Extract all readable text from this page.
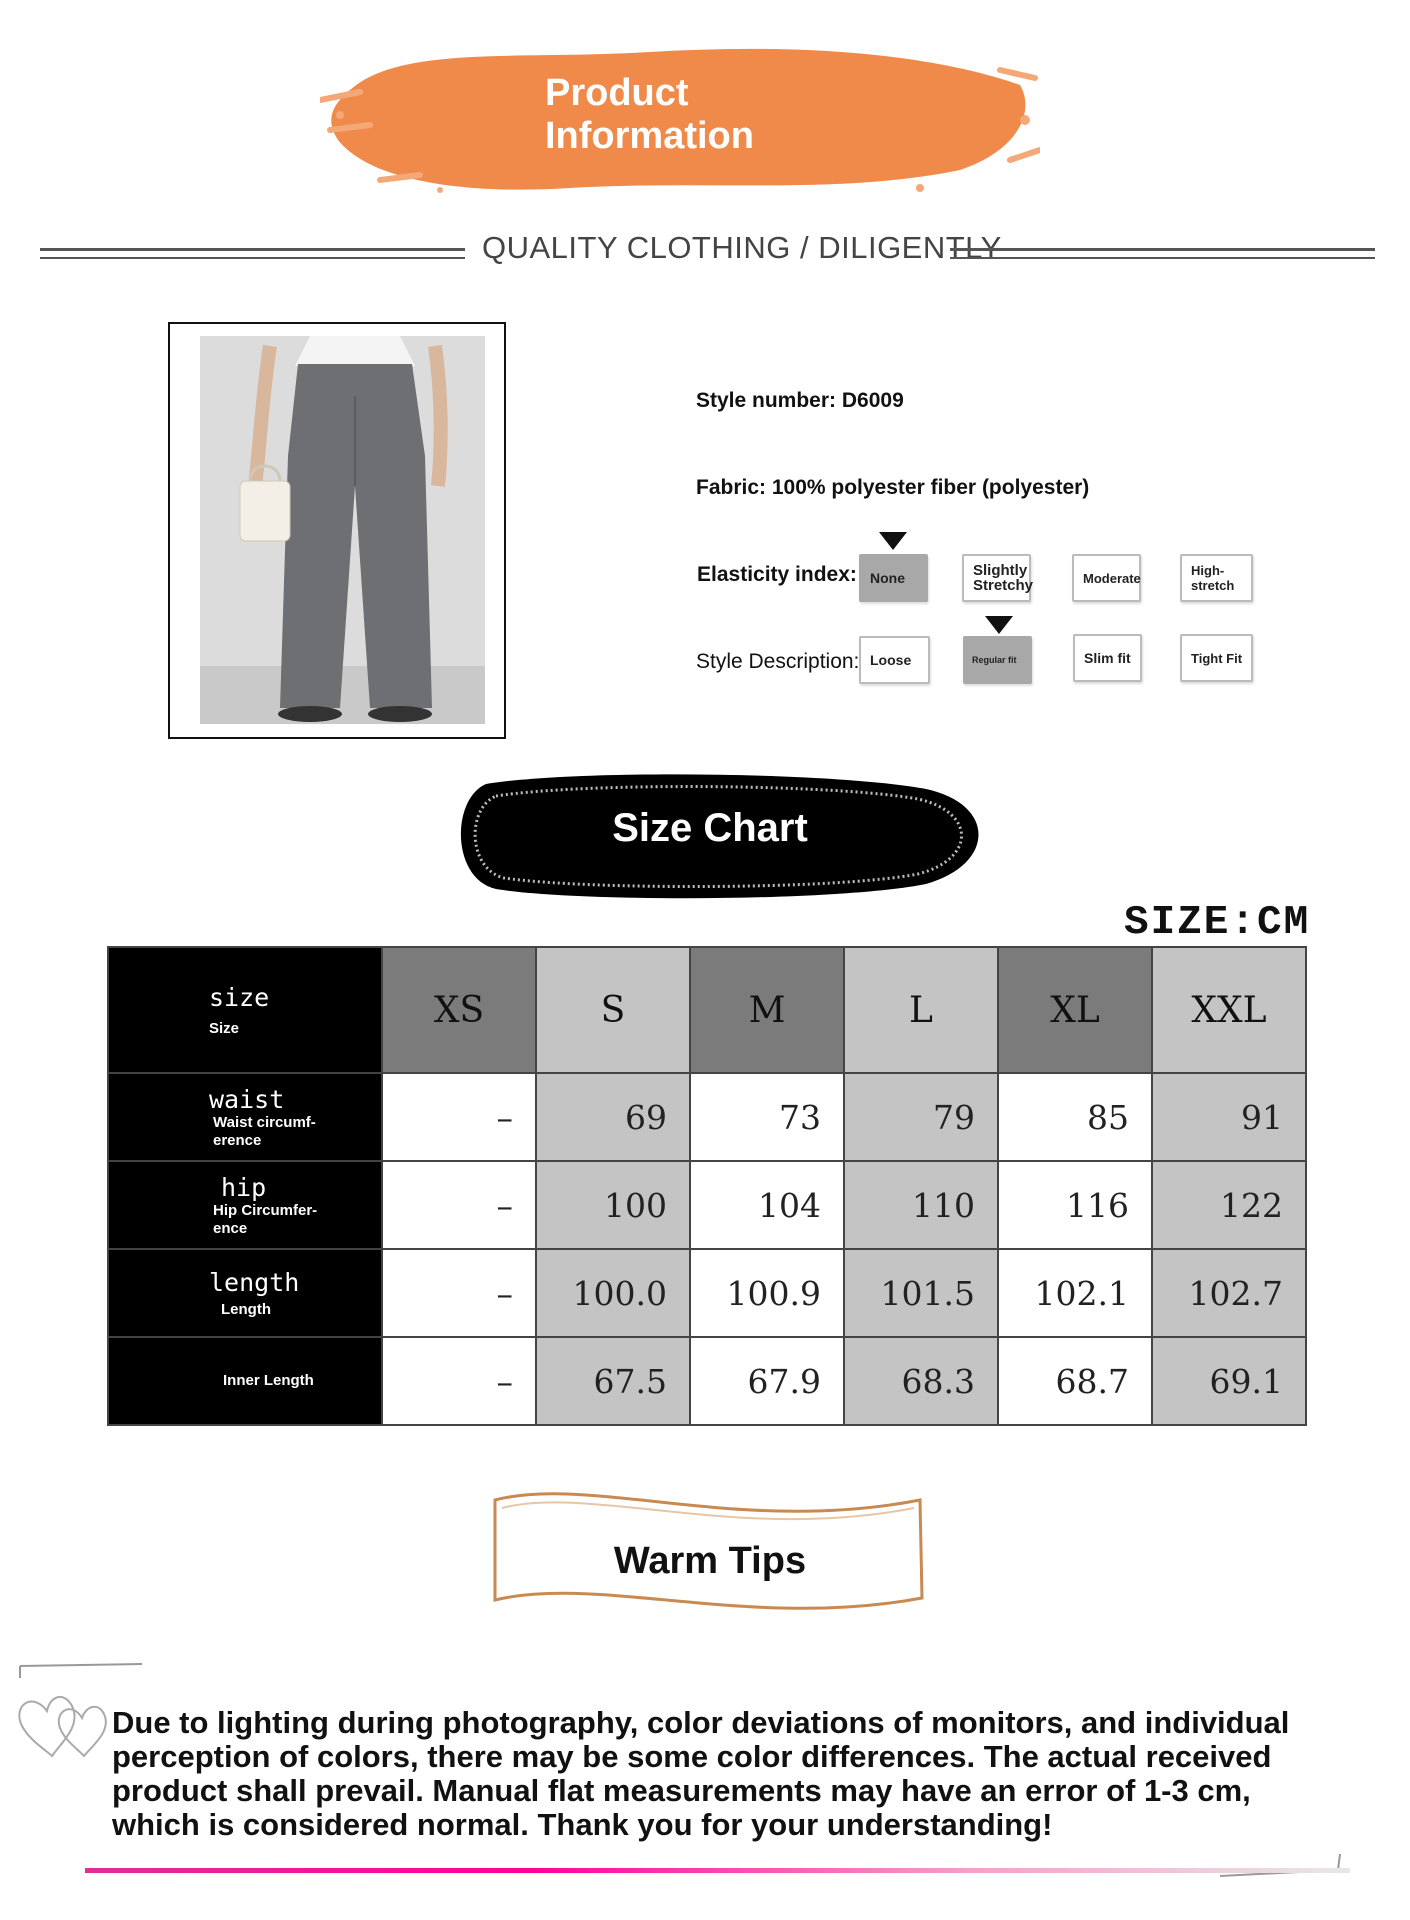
Product Information
QUALITY CLOTHING / DILIGENTLY
Style number: D6009
Fabric: 100% polyester fiber (polyester)
Elasticity index: None	Slightly Stretchy	Moderate	High-stretch
Style Description: Loose	Regular fit	Slim fit	Tight Fit
Size Chart
SIZE:CM
size
Size	XS	S	M	L	XL	XXL

waist
Waist circumf-erence	–	69	73	79	85	91

hip
Hip Circumfer-ence	–	100	104	110	116	122

length
Length	–	100.0	100.9	101.5	102.1	102.7

Inner Length	–	67.5	67.9	68.3	68.7	69.1
Warm Tips
Due to lighting during photography, color deviations of monitors, and individual perception of colors, there may be some color differences. The actual received product shall prevail. Manual flat measurements may have an error of 1-3 cm, which is considered normal. Thank you for your understanding!
